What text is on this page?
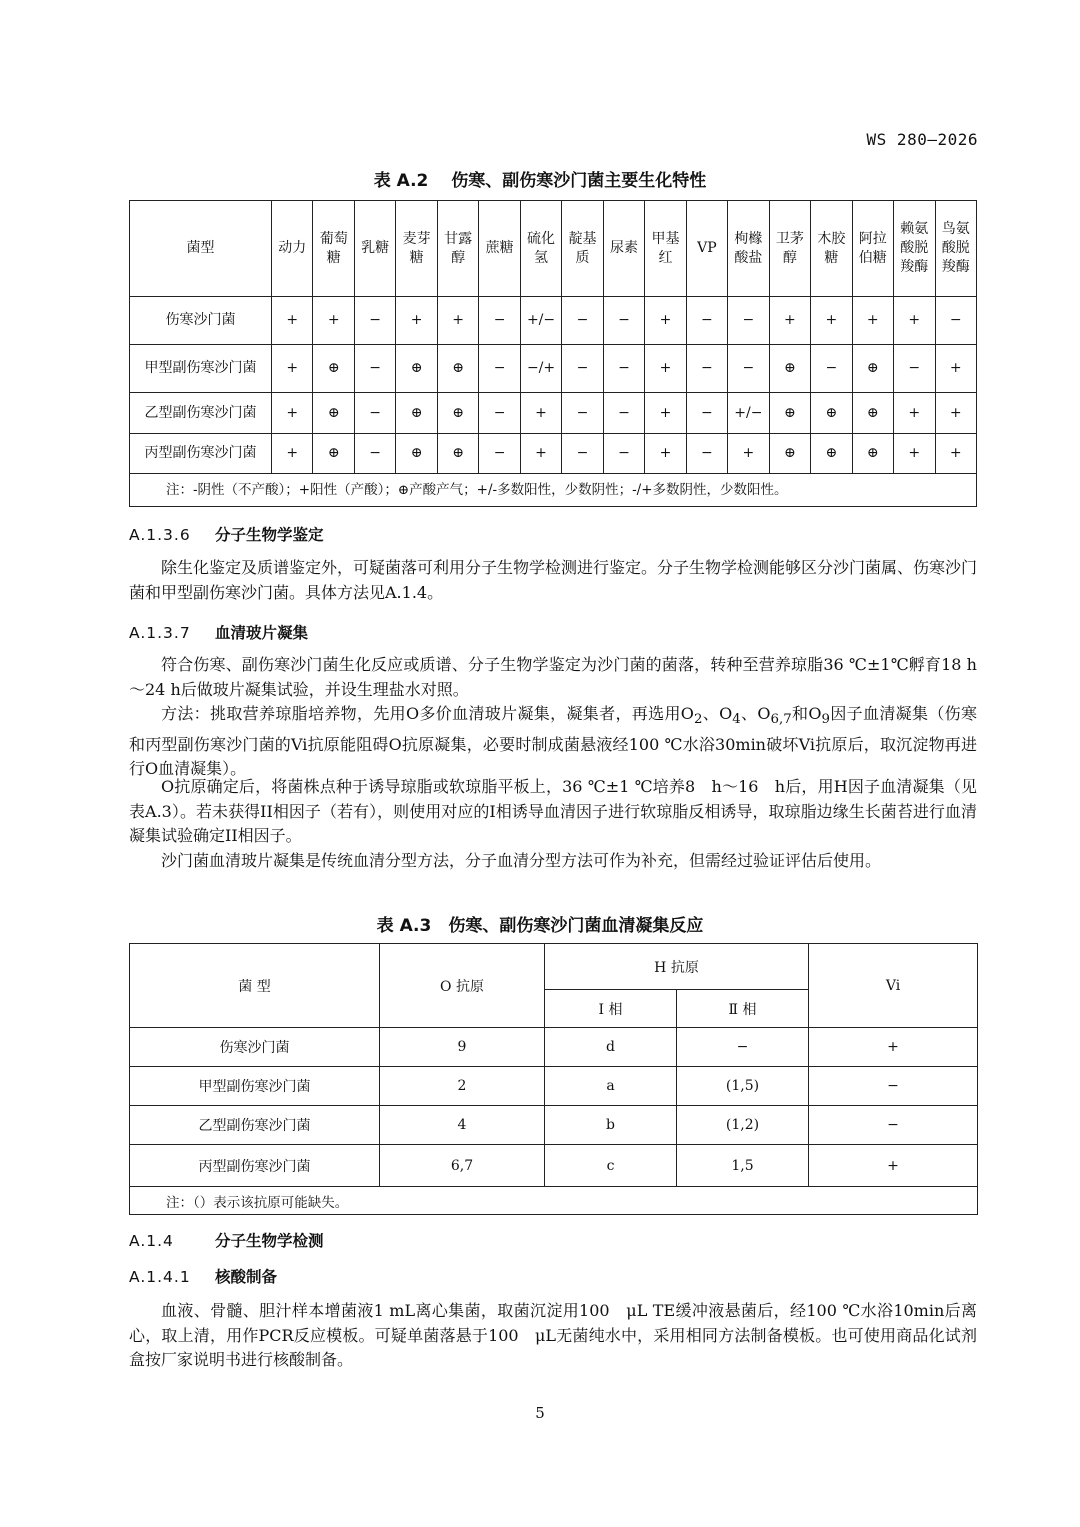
WS 280—2026
表 A.2　 伤寒、副伤寒沙门菌主要生化特性
菌型	动力	葡萄糖	乳糖	麦芽糖	甘露醇	蔗糖	硫化氢	靛基质	尿素	甲基红	VP	枸橼酸盐	卫茅醇	木胶糖	阿拉伯糖	赖氨酸脱羧酶	鸟氨酸脱羧酶
伤寒沙门菌	+	+	−	+	+	−	+/−	−	−	+	−	−	+	+	+	+	−
甲型副伤寒沙门菌	+	⊕	−	⊕	⊕	−	−/+	−	−	+	−	−	⊕	−	⊕	−	+
乙型副伤寒沙门菌	+	⊕	−	⊕	⊕	−	+	−	−	+	−	+/−	⊕	⊕	⊕	+	+
丙型副伤寒沙门菌	+	⊕	−	⊕	⊕	−	+	−	−	+	−	+	⊕	⊕	⊕	+	+
注：-阴性（不产酸）；+阳性（产酸）；⊕产酸产气；+/-多数阳性，少数阴性；-/+多数阴性，少数阳性。																	
A.1.3.6 分子生物学鉴定
除生化鉴定及质谱鉴定外，可疑菌落可利用分子生物学检测进行鉴定。分子生物学检测能够区分沙门菌属、伤寒沙门菌和甲型副伤寒沙门菌。具体方法见A.1.4。
A.1.3.7 血清玻片凝集
符合伤寒、副伤寒沙门菌生化反应或质谱、分子生物学鉴定为沙门菌的菌落，转种至营养琼脂36 ℃±1℃孵育18 h～24 h后做玻片凝集试验，并设生理盐水对照。
方法：挑取营养琼脂培养物，先用O多价血清玻片凝集，凝集者，再选用$O_2$、$O_4$、$O_{6,7}$和$O_9$因子血清凝集（伤寒和丙型副伤寒沙门菌的Vi抗原能阻碍O抗原凝集，必要时制成菌悬液经100 ℃水浴30min破坏Vi抗原后，取沉淀物再进行O血清凝集）。
O抗原确定后，将菌株点种于诱导琼脂或软琼脂平板上，36 ℃±1 ℃培养8　h～16　h后，用H因子血清凝集（见表A.3）。若未获得II相因子（若有），则使用对应的I相诱导血清因子进行软琼脂反相诱导，取琼脂边缘生长菌苔进行血清凝集试验确定II相因子。
沙门菌血清玻片凝集是传统血清分型方法，分子血清分型方法可作为补充，但需经过验证评估后使用。
表 A.3　伤寒、副伤寒沙门菌血清凝集反应
菌 型	O 抗原	H 抗原		Vi
		I 相	Ⅱ 相	
伤寒沙门菌	9	d	−	+
甲型副伤寒沙门菌	2	a	(1,5)	−
乙型副伤寒沙门菌	4	b	(1,2)	−
丙型副伤寒沙门菌	6,7	c	1,5	+
注：（）表示该抗原可能缺失。				
A.1.4	分子生物学检测
A.1.4.1 核酸制备
血液、骨髓、胆汁样本增菌液1 mL离心集菌，取菌沉淀用100　μL TE缓冲液悬菌后，经100 ℃水浴10min后离心，取上清，用作PCR反应模板。可疑单菌落悬于100　μL无菌纯水中，采用相同方法制备模板。也可使用商品化试剂盒按厂家说明书进行核酸制备。
5
